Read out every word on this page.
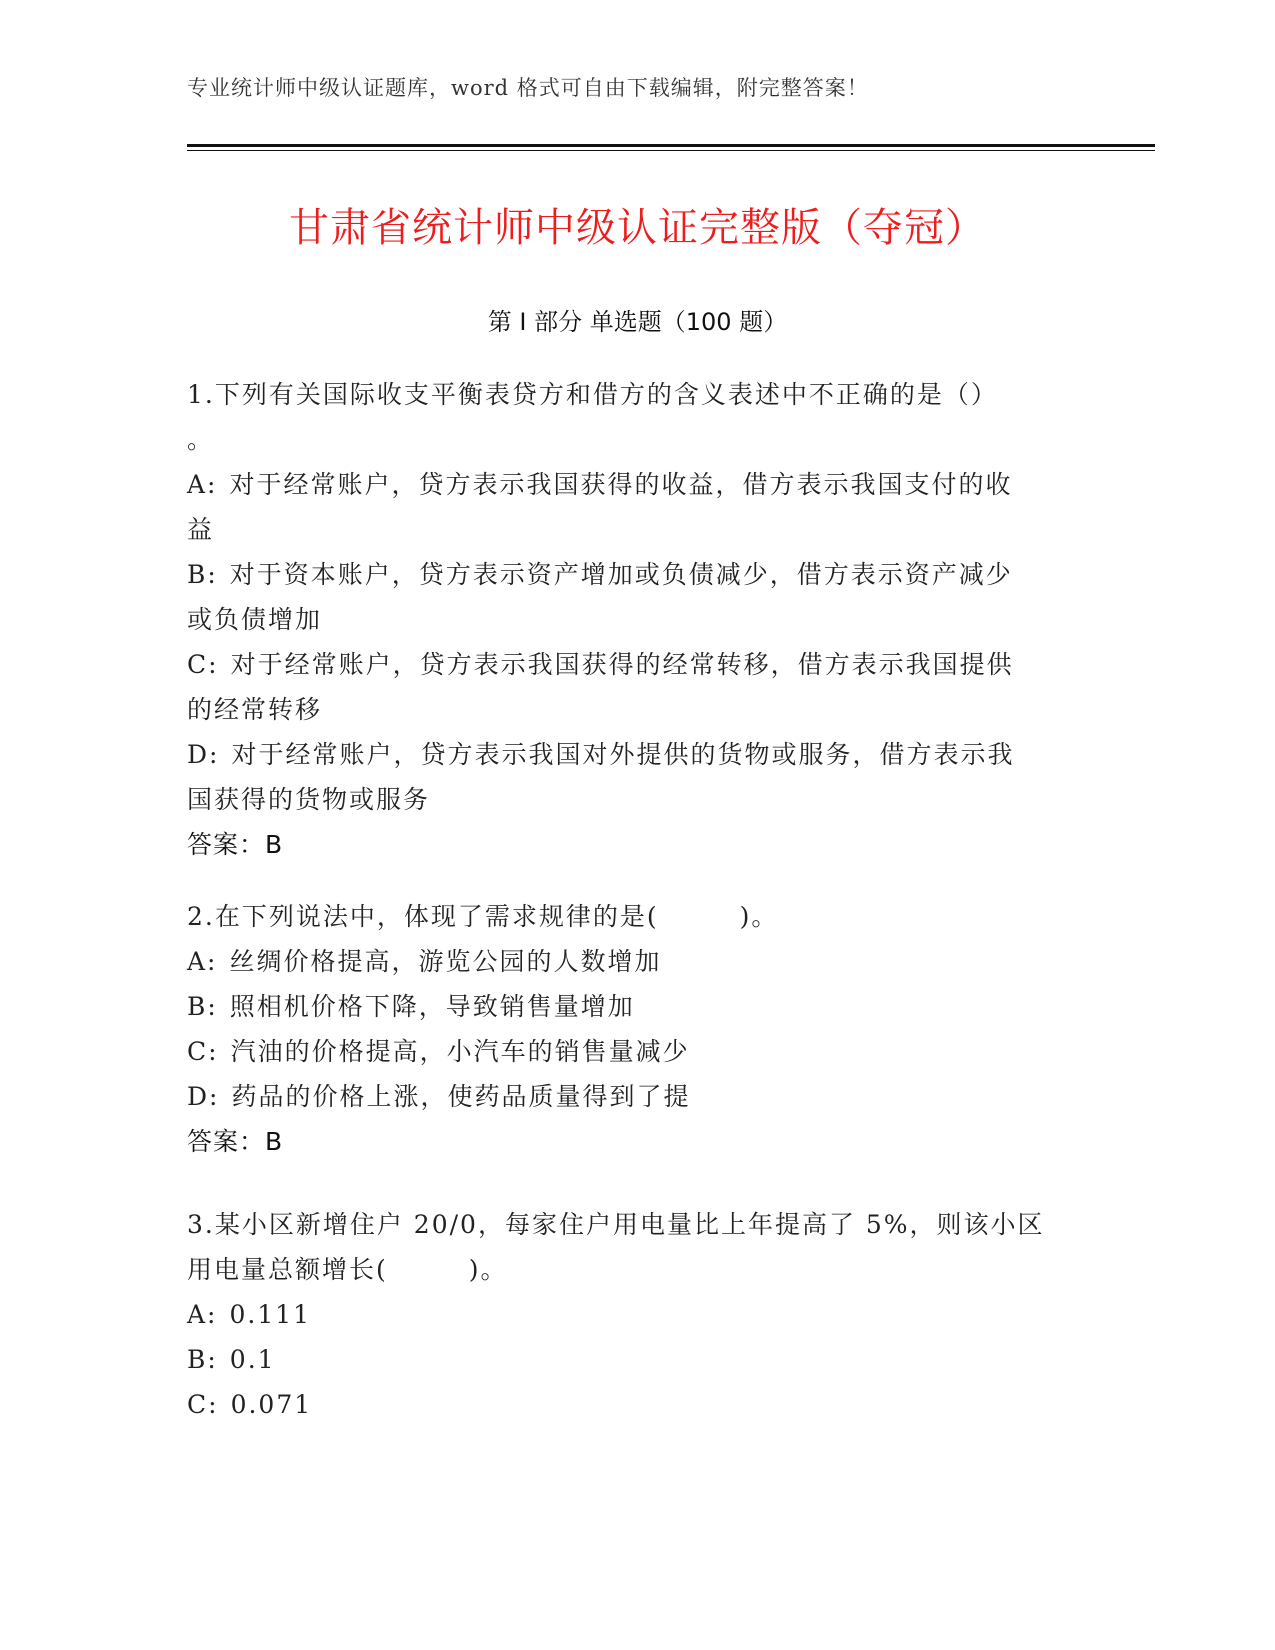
专业统计师中级认证题库，word 格式可自由下载编辑，附完整答案！
甘肃省统计师中级认证完整版（夺冠）
第 I 部分 单选题（100 题）
1.下列有关国际收支平衡表贷方和借方的含义表述中不正确的是（）
。
A: 对于经常账户，贷方表示我国获得的收益，借方表示我国支付的收
益
B: 对于资本账户，贷方表示资产增加或负债减少，借方表示资产减少
或负债增加
C: 对于经常账户，贷方表示我国获得的经常转移，借方表示我国提供
的经常转移
D: 对于经常账户，贷方表示我国对外提供的货物或服务，借方表示我
国获得的货物或服务
答案：B
2.在下列说法中，体现了需求规律的是(　　　)。
A: 丝绸价格提高，游览公园的人数增加
B: 照相机价格下降，导致销售量增加
C: 汽油的价格提高，小汽车的销售量减少
D: 药品的价格上涨，使药品质量得到了提
答案：B
3.某小区新增住户 20/0，每家住户用电量比上年提高了 5%，则该小区
用电量总额增长(　　　)。
A: 0.111
B: 0.1
C: 0.071
